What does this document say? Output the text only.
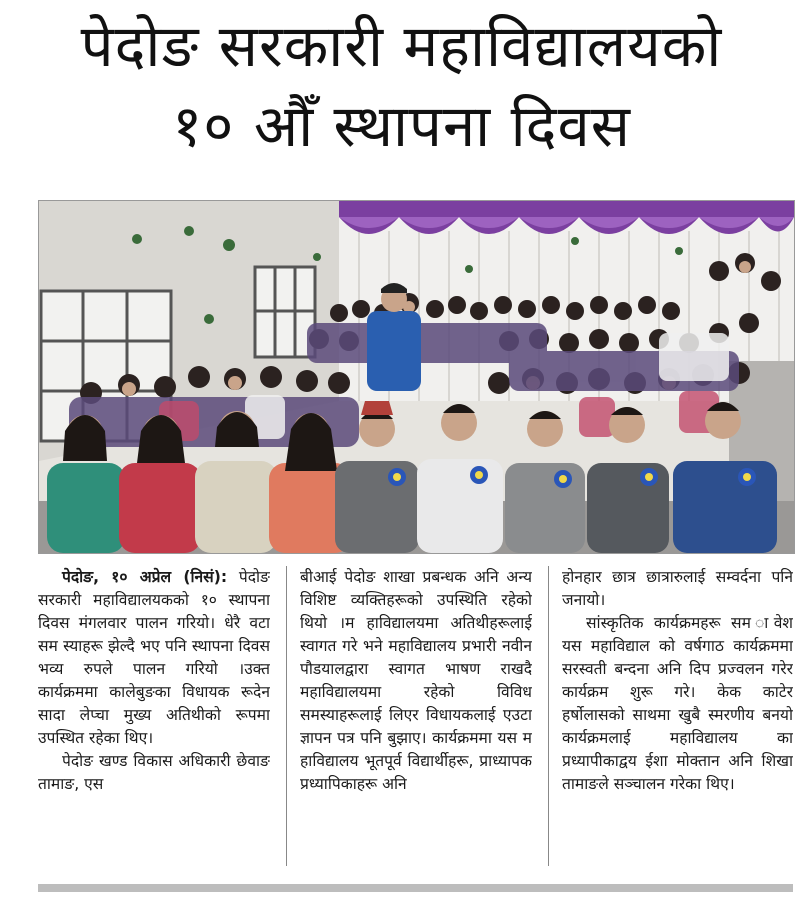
पेदोङ सरकारी महाविद्यालयको
१० औँ स्थापना दिवस

पेदोङ, १० अप्रेल (निसं): पेदोङ सरकारी महाविद्यालयकको १० स्थापना दिवस मंगलवार पालन गरियो। धेरै वटा सम स्याहरू झेल्दै भए पनि स्थापना दिवस भव्य रुपले पालन गरियो ।उक्त कार्यक्रममा कालेबुङका विधायक रूदेन सादा लेप्चा मुख्य अतिथीको रूपमा उपस्थित रहेका थिए।

पेदोङ खण्ड विकास अधिकारी छेवाङ तामाङ, एस

बीआई पेदोङ शाखा प्रबन्धक अनि अन्य विशिष्ट व्यक्तिहरूको उपस्थिति रहेको थियो ।म हाविद्यालयमा अतिथीहरूलाई स्वागत गरे भने महाविद्यालय प्रभारी नवीन पौडयालद्वारा स्वागत भाषण राखदै महाविद्यालयमा रहेको विविध समस्याहरूलाई लिएर विधायकलाई एउटा ज्ञापन पत्र पनि बुझाए। कार्यक्रममा यस म हाविद्यालय भूतपूर्व विद्यार्थीहरू, प्राध्यापक प्रध्यापिकाहरू अनि

होनहार छात्र छात्रारुलाई सम्वर्दना पनि जनायो।

सांस्कृतिक कार्यक्रमहरू सम ावेश यस महाविद्याल को वर्षगाठ कार्यक्रममा सरस्वती बन्दना अनि दिप प्रज्वलन गरेर कार्यक्रम शुरू गरे। केक काटेर हर्षोलासको साथमा खुबै स्मरणीय बनयो कार्यक्रमलाई महाविद्यालय का प्रध्यापीकाद्वय ईशा मोक्तान अनि शिखा तामाङले सञ्चालन गरेका थिए।
